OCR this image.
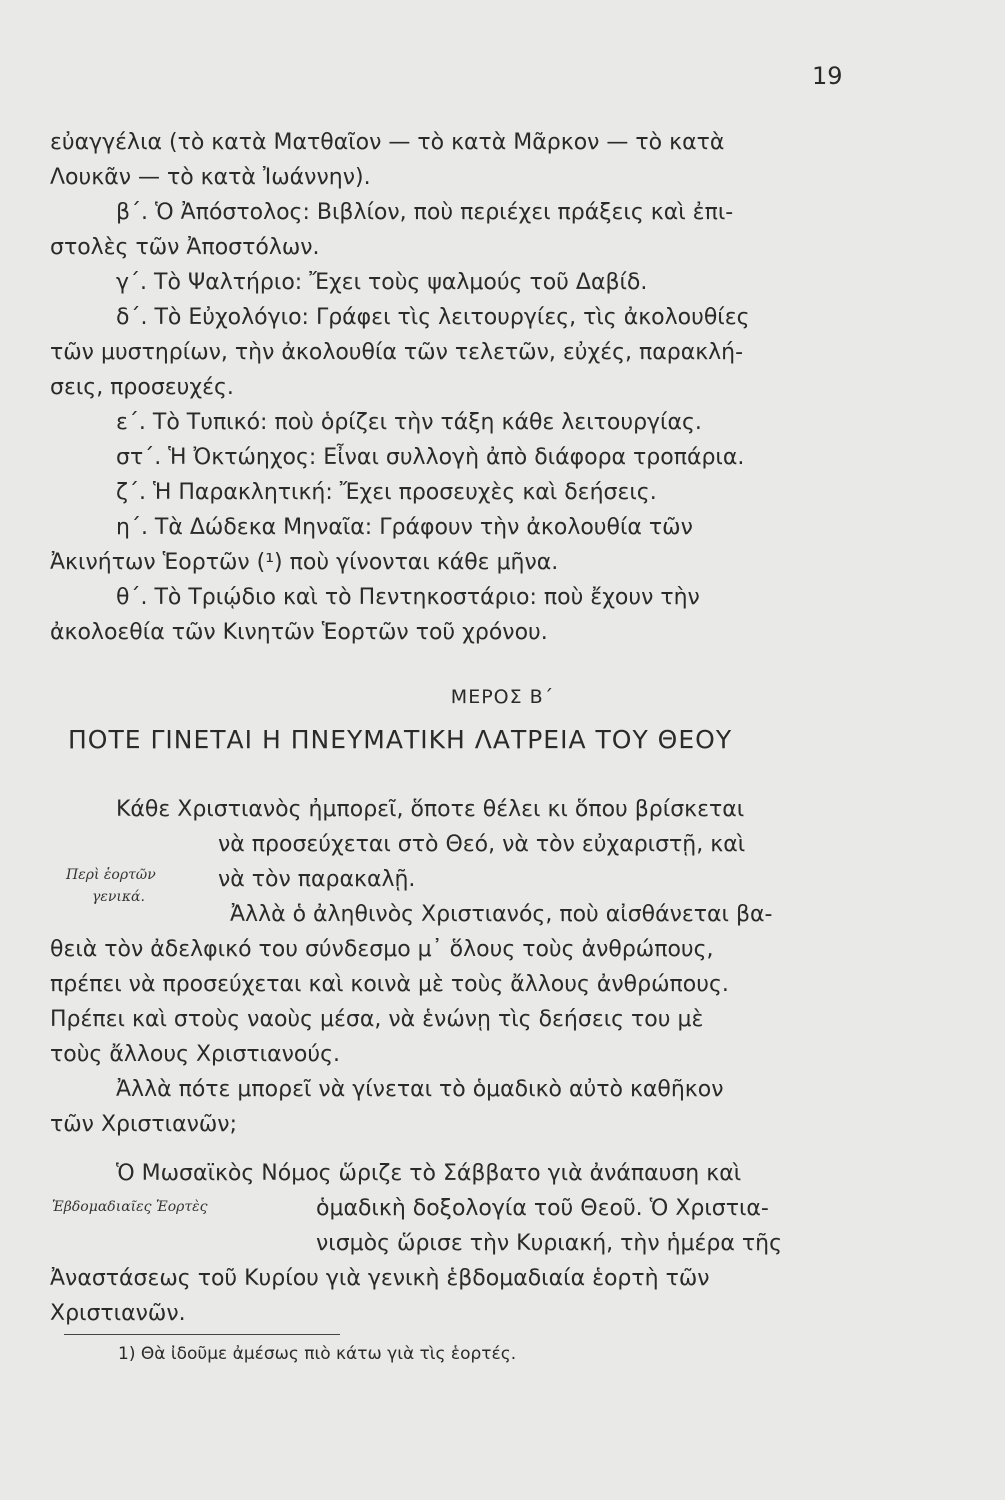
19
εὐαγγέλια (τὸ κατὰ Ματθαῖον — τὸ κατὰ Μᾶρκον — τὸ κατὰ
Λουκᾶν — τὸ κατὰ Ἰωάννην).
β΄. Ὁ Ἀπόστολος: Βιβλίον, ποὺ περιέχει πράξεις καὶ ἐπι-
στολὲς τῶν Ἀποστόλων.
γ΄. Τὸ Ψαλτήριο: Ἔχει τοὺς ψαλμούς τοῦ Δαβίδ.
δ΄. Τὸ Εὐχολόγιο: Γράφει τὶς λειτουργίες, τὶς ἀκολουθίες
τῶν μυστηρίων, τὴν ἀκολουθία τῶν τελετῶν, εὐχές, παρακλή-
σεις, προσευχές.
ε΄. Τὸ Τυπικό: ποὺ ὁρίζει τὴν τάξη κάθε λειτουργίας.
στ΄. Ἡ Ὀκτώηχος: Εἶναι συλλογὴ ἀπὸ διάφορα τροπάρια.
ζ΄. Ἡ Παρακλητική: Ἔχει προσευχὲς καὶ δεήσεις.
η΄. Τὰ Δώδεκα Μηναῖα: Γράφουν τὴν ἀκολουθία τῶν
Ἀκινήτων Ἑορτῶν (¹) ποὺ γίνονται κάθε μῆνα.
θ΄. Τὸ Τριῴδιο καὶ τὸ Πεντηκοστάριο: ποὺ ἔχουν τὴν
ἀκολοεθία τῶν Κινητῶν Ἑορτῶν τοῦ χρόνου.
ΜΕΡΟΣ Β΄
ΠΟΤΕ ΓΙΝΕΤΑΙ Η ΠΝΕΥΜΑΤΙΚΗ ΛΑΤΡΕΙΑ ΤΟΥ ΘΕΟΥ
Περὶ ἑορτῶν
γενικά.
Κάθε Χριστιανὸς ἠμπορεῖ, ὅποτε θέλει κι ὅπου βρίσκεται
νὰ προσεύχεται στὸ Θεό, νὰ τὸν εὐχαριστῇ, καὶ
νὰ τὸν παρακαλῇ.
Ἀλλὰ ὁ ἀληθινὸς Χριστιανός, ποὺ αἰσθάνεται βα-
θειὰ τὸν ἀδελφικό του σύνδεσμο μ᾽ ὅλους τοὺς ἀνθρώπους,
πρέπει νὰ προσεύχεται καὶ κοινὰ μὲ τοὺς ἄλλους ἀνθρώπους.
Πρέπει καὶ στοὺς ναοὺς μέσα, νὰ ἑνώνῃ τὶς δεήσεις του μὲ
τοὺς ἄλλους Χριστιανούς.
Ἀλλὰ πότε μπορεῖ νὰ γίνεται τὸ ὁμαδικὸ αὐτὸ καθῆκον
τῶν Χριστιανῶν;
Ἑβδομαδιαῖες Ἑορτὲς
Ὁ Μωσαϊκὸς Νόμος ὥριζε τὸ Σάββατο γιὰ ἀνάπαυση καὶ
ὁμαδικὴ δοξολογία τοῦ Θεοῦ. Ὁ Χριστια-
νισμὸς ὥρισε τὴν Κυριακή, τὴν ἡμέρα τῆς
Ἀναστάσεως τοῦ Κυρίου γιὰ γενικὴ ἑβδομαδιαία ἑορτὴ τῶν
Χριστιανῶν.
1) Θὰ ἰδοῦμε ἀμέσως πιὸ κάτω γιὰ τὶς ἑορτές.
